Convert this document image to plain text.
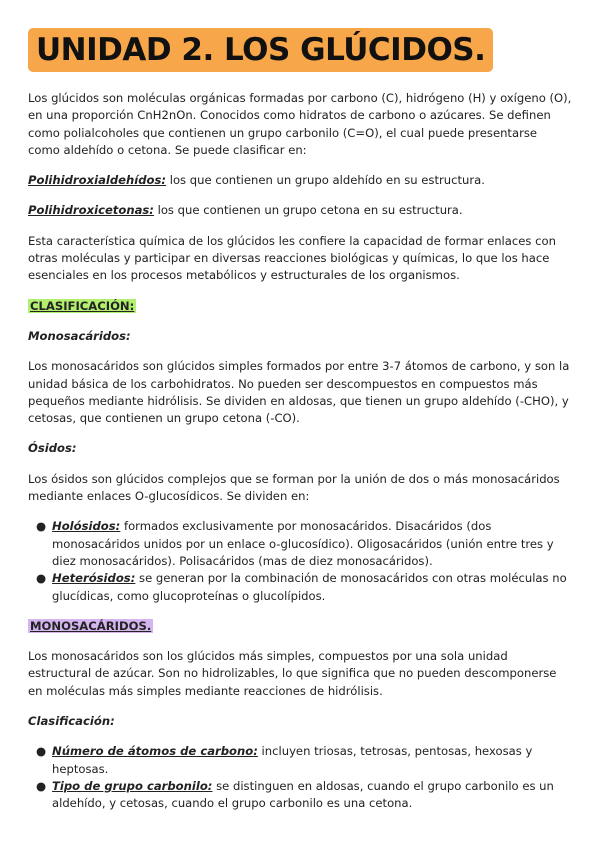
UNIDAD 2. LOS GLÚCIDOS.

Los glúcidos son moléculas orgánicas formadas por carbono (C), hidrógeno (H) y oxígeno (O), en una proporción CnH2nOn. Conocidos como hidratos de carbono o azúcares. Se definen como polialcoholes que contienen un grupo carbonilo (C=O), el cual puede presentarse como aldehído o cetona. Se puede clasificar en:

Polihidroxialdehídos: los que contienen un grupo aldehído en su estructura.

Polihidroxicetonas: los que contienen un grupo cetona en su estructura.

Esta característica química de los glúcidos les confiere la capacidad de formar enlaces con otras moléculas y participar en diversas reacciones biológicas y químicas, lo que los hace esenciales en los procesos metabólicos y estructurales de los organismos.

CLASIFICACIÓN:

Monosacáridos:

Los monosacáridos son glúcidos simples formados por entre 3-7 átomos de carbono, y son la unidad básica de los carbohidratos. No pueden ser descompuestos en compuestos más pequeños mediante hidrólisis. Se dividen en aldosas, que tienen un grupo aldehído (-CHO), y cetosas, que contienen un grupo cetona (-CO).

Ósidos:

Los ósidos son glúcidos complejos que se forman por la unión de dos o más monosacáridos mediante enlaces O-glucosídicos. Se dividen en:

● Holósidos: formados exclusivamente por monosacáridos. Disacáridos (dos monosacáridos unidos por un enlace o-glucosídico). Oligosacáridos (unión entre tres y diez monosacáridos). Polisacáridos (mas de diez monosacáridos).
● Heterósidos: se generan por la combinación de monosacáridos con otras moléculas no glucídicas, como glucoproteínas o glucolípidos.

MONOSACÁRIDOS.

Los monosacáridos son los glúcidos más simples, compuestos por una sola unidad estructural de azúcar. Son no hidrolizables, lo que significa que no pueden descomponerse en moléculas más simples mediante reacciones de hidrólisis.

Clasificación:

● Número de átomos de carbono: incluyen triosas, tetrosas, pentosas, hexosas y heptosas.
● Tipo de grupo carbonilo: se distinguen en aldosas, cuando el grupo carbonilo es un aldehído, y cetosas, cuando el grupo carbonilo es una cetona.
